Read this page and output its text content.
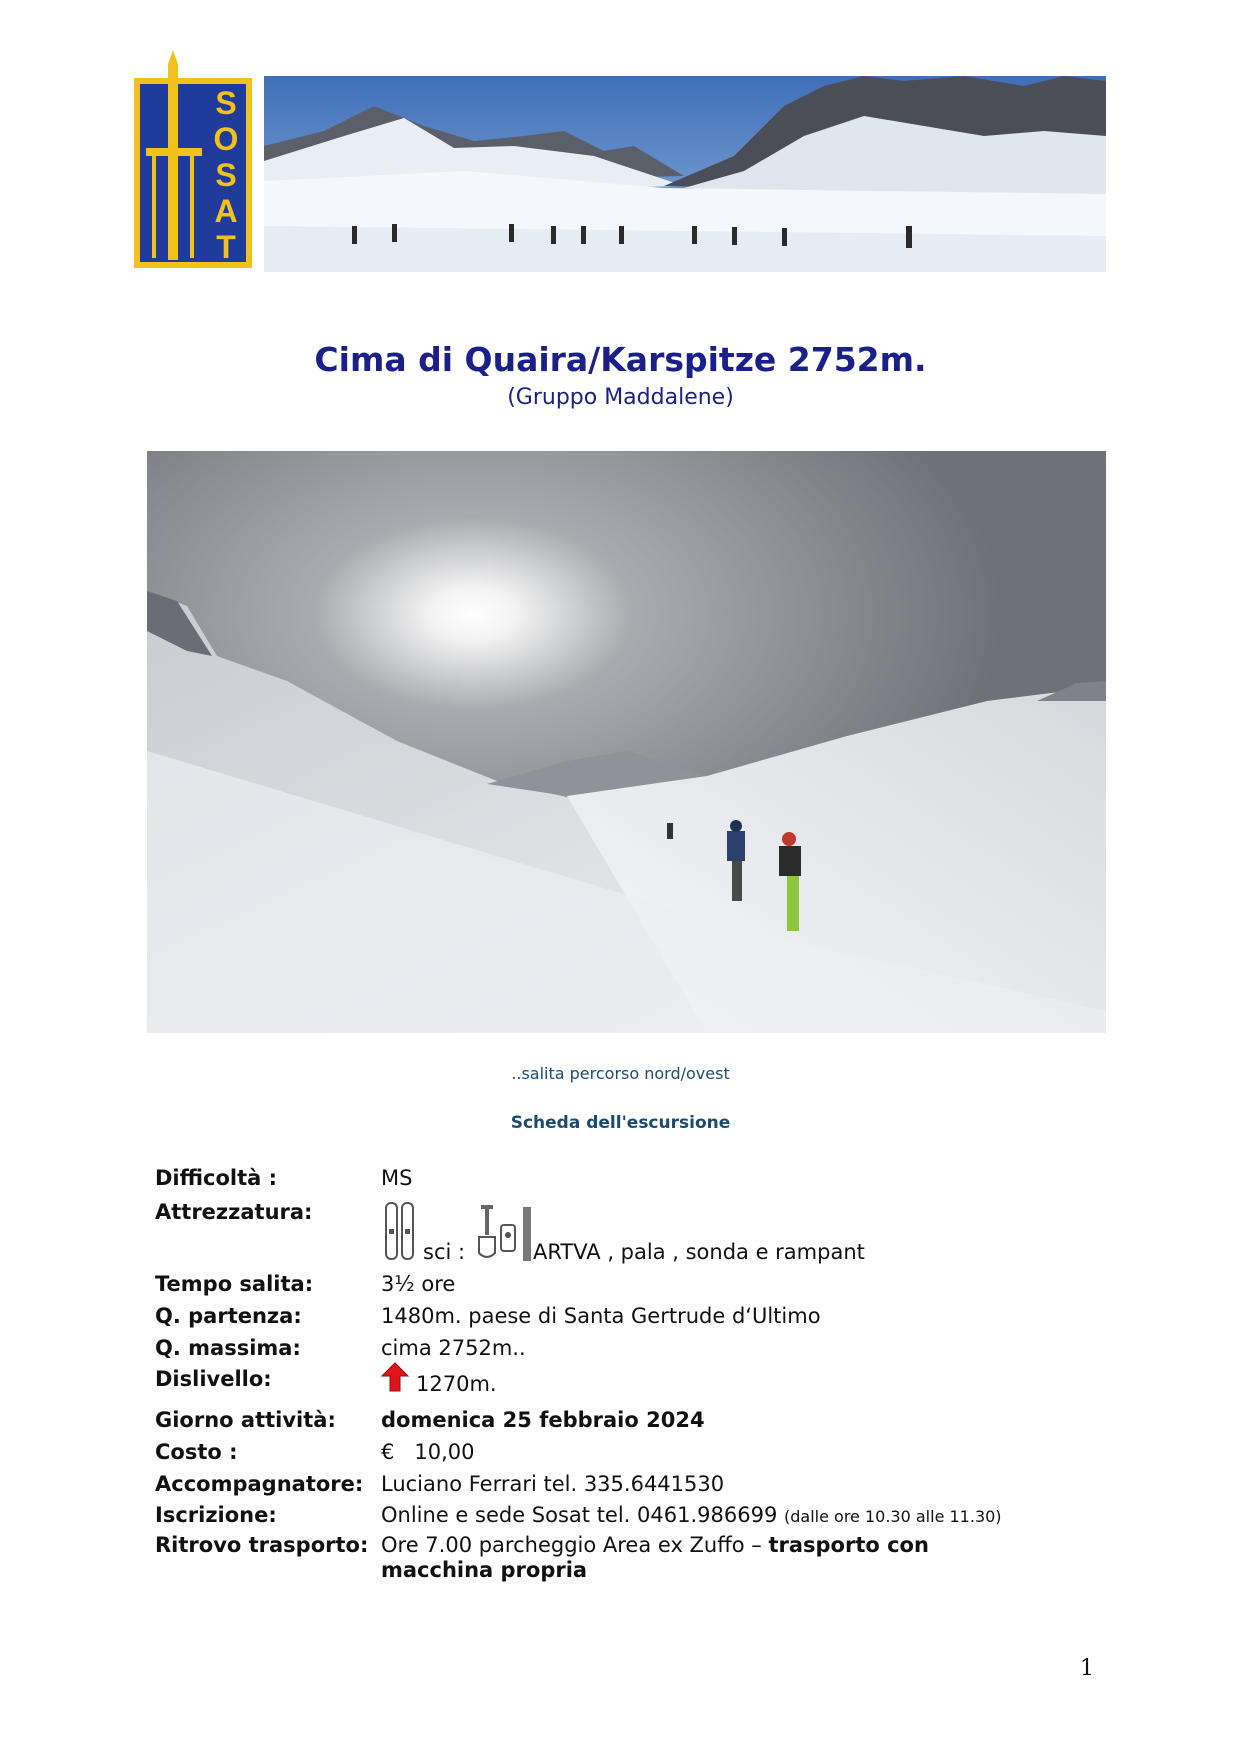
S
O
S
A
T
Cima di Quaira/Karspitze 2752m.
(Gruppo Maddalene)
..salita percorso nord/ovest
Scheda dell'escursione
Difficoltà :	MS
Attrezzatura:
sci :	ARTVA , pala , sonda e rampant
Tempo salita:	3½ ore
Q. partenza:	1480m. paese di Santa Gertrude d‘Ultimo
Q. massima:	cima 2752m..
Dislivello:	1270m.
Giorno attività: domenica 25 febbraio 2024
Costo :	€   10,00
Accompagnatore: Luciano Ferrari tel. 335.6441530
Iscrizione:	Online e sede Sosat tel. 0461.986699 (dalle ore 10.30 alle 11.30)
Ritrovo trasporto: Ore 7.00 parcheggio Area ex Zuffo – trasporto con
macchina propria
1
